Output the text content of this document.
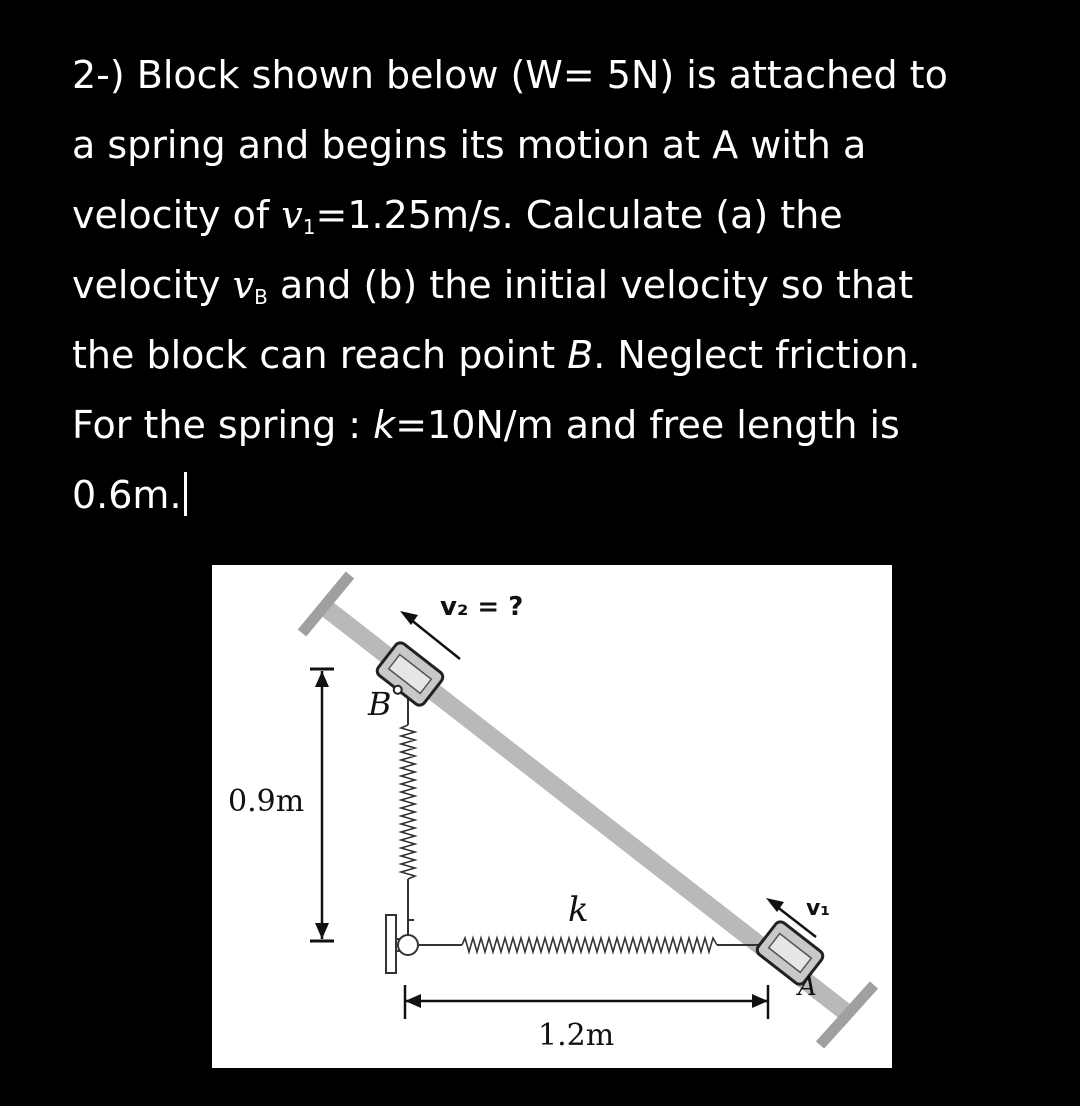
2-) Block shown below (W= 5N) is attached to
a spring and begins its motion at A with a
velocity of $v_1=1.25m/s$. Calculate (a) the
velocity $v_B$ and (b) the initial velocity so that
the block can reach point B. Neglect friction.
For the spring : k=10N/m and free length is
0.6m.
0.9m
1.2m
k
B
A
v₂ = ?
v₁
